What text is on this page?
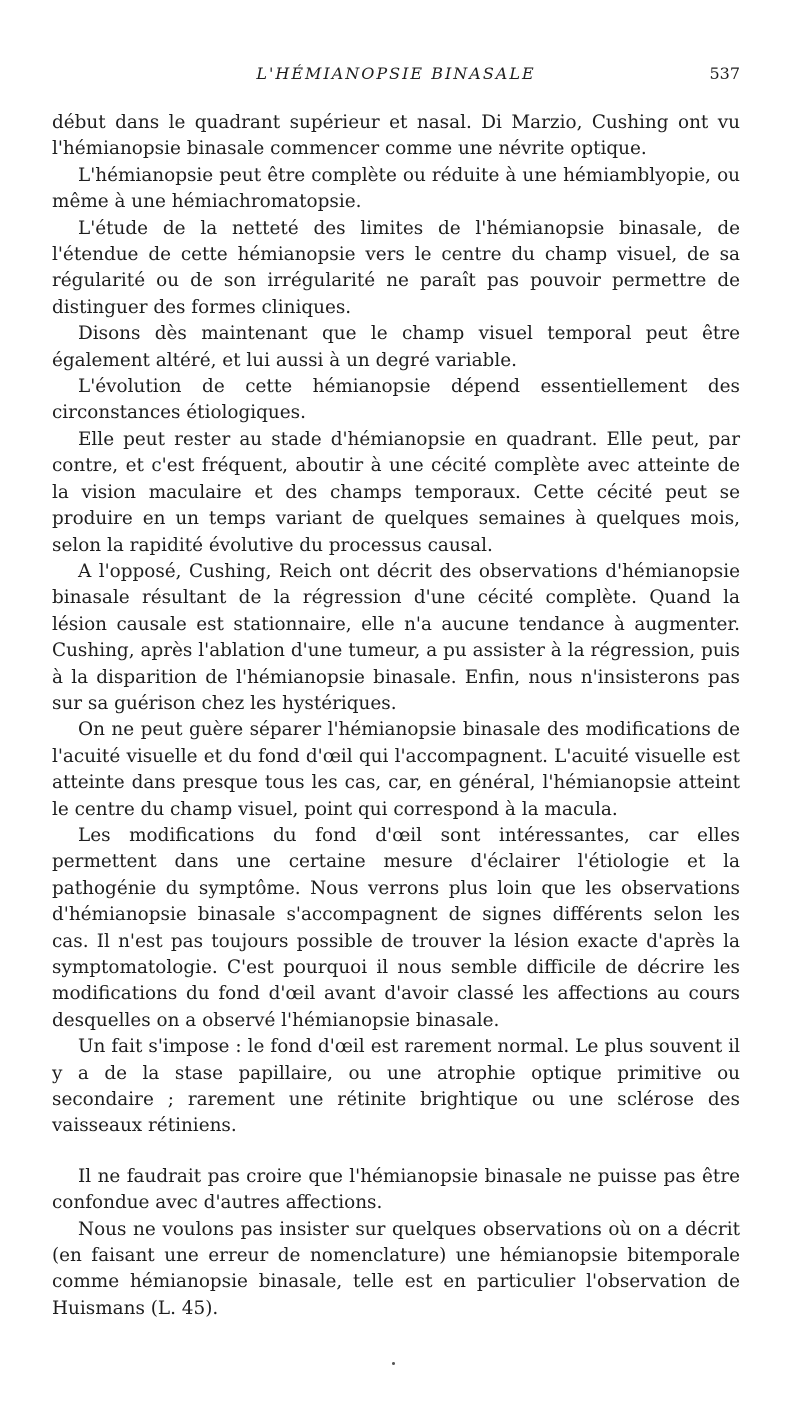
L'HÉMIANOPSIE BINASALE	537

début dans le quadrant supérieur et nasal. Di Marzio, Cushing ont vu l'hémianopsie binasale commencer comme une névrite optique.

L'hémianopsie peut être complète ou réduite à une hémiamblyopie, ou même à une hémiachromatopsie.

L'étude de la netteté des limites de l'hémianopsie binasale, de l'étendue de cette hémianopsie vers le centre du champ visuel, de sa régularité ou de son irrégularité ne paraît pas pouvoir permettre de distinguer des formes cliniques.

Disons dès maintenant que le champ visuel temporal peut être également altéré, et lui aussi à un degré variable.

L'évolution de cette hémianopsie dépend essentiellement des circonstances étiologiques.

Elle peut rester au stade d'hémianopsie en quadrant. Elle peut, par contre, et c'est fréquent, aboutir à une cécité complète avec atteinte de la vision maculaire et des champs temporaux. Cette cécité peut se produire en un temps variant de quelques semaines à quelques mois, selon la rapidité évolutive du processus causal.

A l'opposé, Cushing, Reich ont décrit des observations d'hémianopsie binasale résultant de la régression d'une cécité complète. Quand la lésion causale est stationnaire, elle n'a aucune tendance à augmenter. Cushing, après l'ablation d'une tumeur, a pu assister à la régression, puis à la disparition de l'hémianopsie binasale. Enfin, nous n'insisterons pas sur sa guérison chez les hystériques.

On ne peut guère séparer l'hémianopsie binasale des modifications de l'acuité visuelle et du fond d'œil qui l'accompagnent. L'acuité visuelle est atteinte dans presque tous les cas, car, en général, l'hémianopsie atteint le centre du champ visuel, point qui correspond à la macula.

Les modifications du fond d'œil sont intéressantes, car elles permettent dans une certaine mesure d'éclairer l'étiologie et la pathogénie du symptôme. Nous verrons plus loin que les observations d'hémianopsie binasale s'accompagnent de signes différents selon les cas. Il n'est pas toujours possible de trouver la lésion exacte d'après la symptomatologie. C'est pourquoi il nous semble difficile de décrire les modifications du fond d'œil avant d'avoir classé les affections au cours desquelles on a observé l'hémianopsie binasale.

Un fait s'impose : le fond d'œil est rarement normal. Le plus souvent il y a de la stase papillaire, ou une atrophie optique primitive ou secondaire ; rarement une rétinite brightique ou une sclérose des vaisseaux rétiniens.

Il ne faudrait pas croire que l'hémianopsie binasale ne puisse pas être confondue avec d'autres affections.

Nous ne voulons pas insister sur quelques observations où on a décrit (en faisant une erreur de nomenclature) une hémianopsie bitemporale comme hémianopsie binasale, telle est en particulier l'observation de Huismans (L. 45).
